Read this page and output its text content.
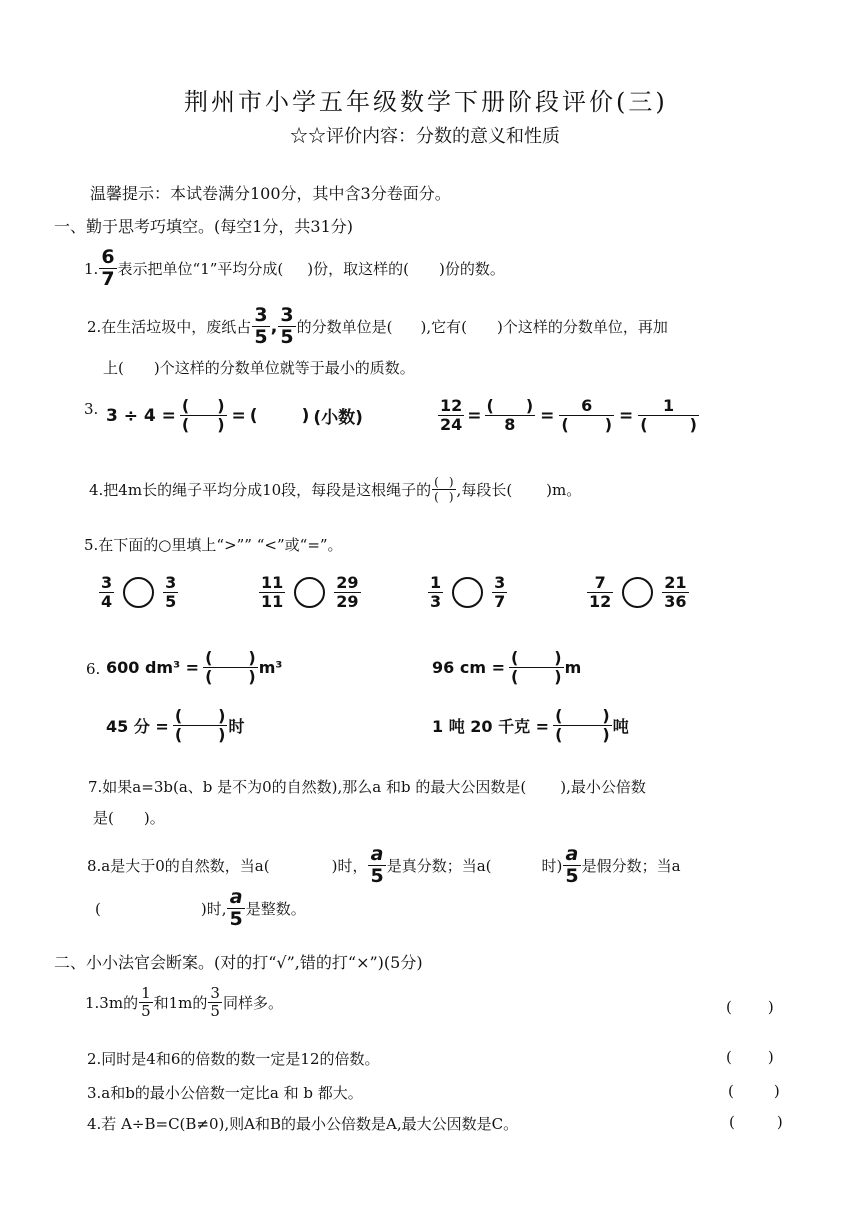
荆州市小学五年级数学下册阶段评价(三)
☆☆评价内容：分数的意义和性质
温馨提示：本试卷满分100分，其中含3分卷面分。
一、勤于思考巧填空。(每空1分，共31分)
1. $\frac{6}{7}$ 表示把单位“1”平均分成( )份，取这样的( )份的数。
2.在生活垃圾中，废纸占 $\frac{3}{5}$ , $\frac{3}{5}$ 的分数单位是( ),它有( )个这样的分数单位，再加
上( )个这样的分数单位就等于最小的质数。
3. $3 \div 4 = \frac{( )}{( )}$ = (	) (小数)	$\frac{12}{24} = \frac{( )}{8} = \frac{6}{( )} = 1$
(	)
4.把4m长的绳子平均分成10段，每段是这根绳子的 $\frac{( )}{( )}$ ,每段长( )m。
5.在下面的○里填上“>”” “<”或“=”。
$\frac{3}{4}$	$\frac{3}{5}$	$\frac{11}{11}$	$\frac{29}{29}$	$\frac{1}{3}$	$\frac{3}{7}$	$\frac{7}{12}$	$\frac{21}{36}$
6. 600 $dm^3 = \frac{( )}{( )} m^3$	96 cm = $\frac{( )}{( )}$ m
45 分 = $\frac{( )}{( )}$ 时	1 吨 20 千克 = (	)
(	) 吨
7.如果a=3b(a、b 是不为0的自然数),那么a 和b 的最大公因数是( ),最小公倍数
是( )。
8.a是大于0的自然数，当a(	)时， $\frac{a}{5}$ 是真分数；当a(	时) $\frac{a}{5}$ 是假分数；当a
(	)时, $\frac{a}{5}$ 是整数。
二、小小法官会断案。(对的打“√”,错的打“×”)(5分)
1.3m的 $\frac{1}{5}$ 和1m的 $\frac{3}{5}$ 同样多。	( )
2.同时是4和6的倍数的数一定是12的倍数。	( )
3.a和b的最小公倍数一定比a 和 b 都大。	(	)
4.若 A÷B=C(B≠0),则A和B的最小公倍数是A,最大公因数是C。	(	)
